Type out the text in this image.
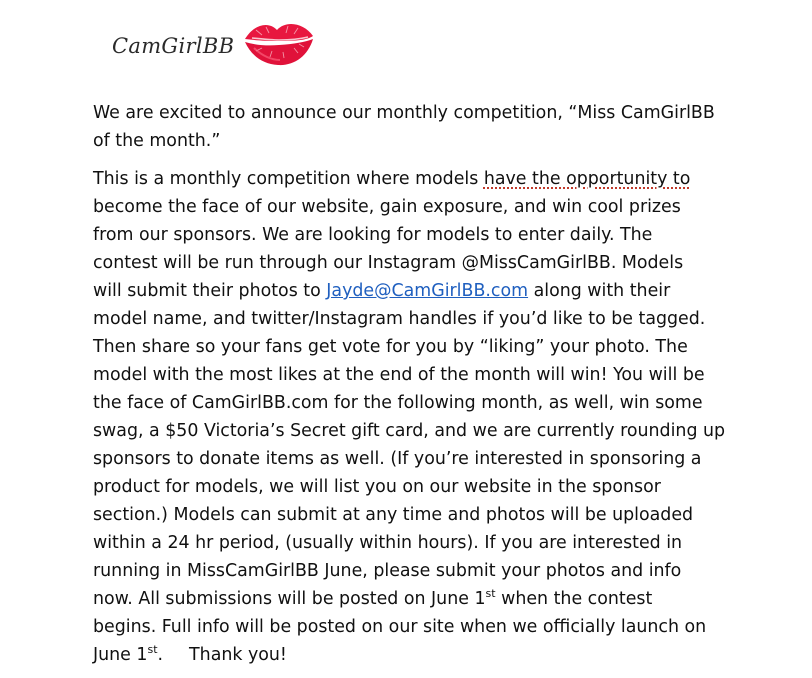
CamGirlBB

We are excited to announce our monthly competition, “Miss CamGirlBB
of the month.”

This is a monthly competition where models have the opportunity to
become the face of our website, gain exposure, and win cool prizes
from our sponsors. We are looking for models to enter daily. The
contest will be run through our Instagram @MissCamGirlBB. Models
will submit their photos to Jayde@CamGirlBB.com along with their
model name, and twitter/Instagram handles if you’d like to be tagged.
Then share so your fans get vote for you by “liking” your photo. The
model with the most likes at the end of the month will win! You will be
the face of CamGirlBB.com for the following month, as well, win some
swag, a $50 Victoria’s Secret gift card, and we are currently rounding up
sponsors to donate items as well. (If you’re interested in sponsoring a
product for models, we will list you on our website in the sponsor
section.) Models can submit at any time and photos will be uploaded
within a 24 hr period, (usually within hours). If you are interested in
running in MissCamGirlBB June, please submit your photos and info
now. All submissions will be posted on June 1st when the contest
begins. Full info will be posted on our site when we officially launch on
June 1st. Thank you!
